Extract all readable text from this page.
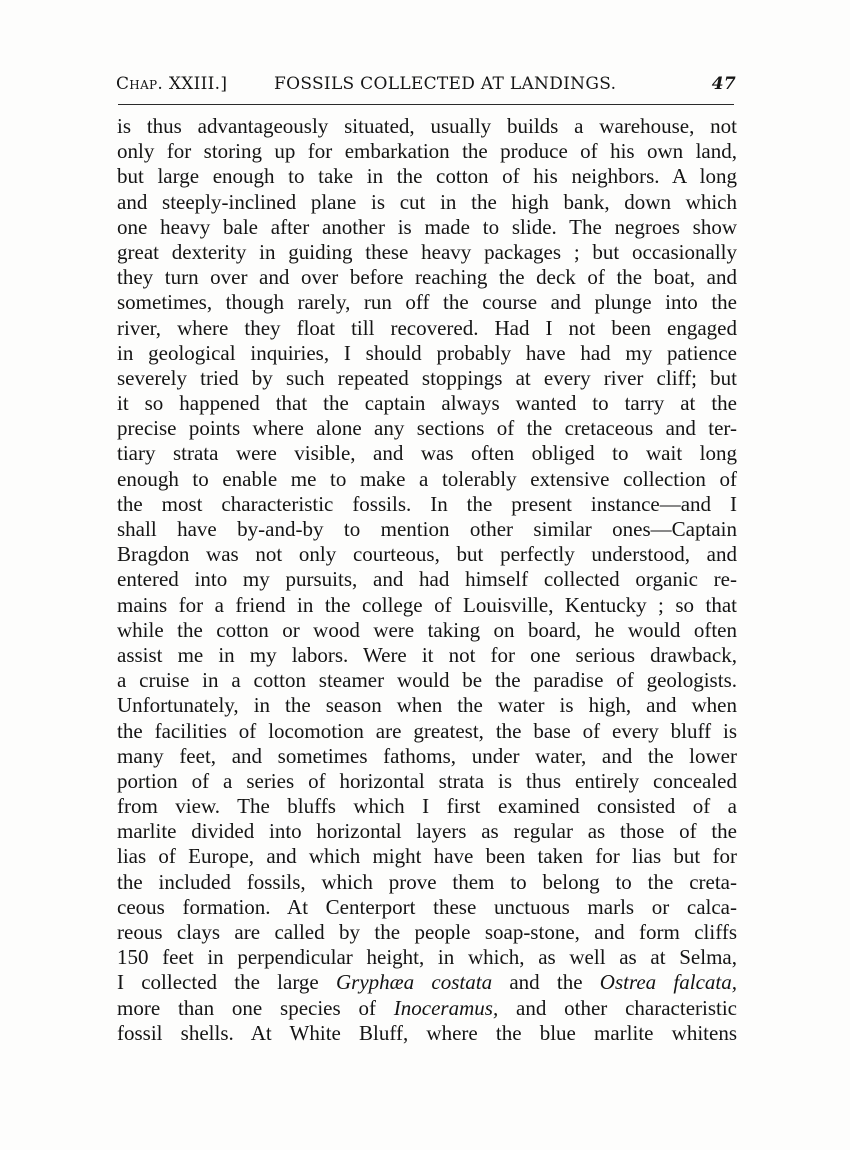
Chap. XXIII.]	FOSSILS COLLECTED AT LANDINGS.	47
is thus advantageously situated, usually builds a warehouse, not
only for storing up for embarkation the produce of his own land,
but large enough to take in the cotton of his neighbors. A long
and steeply-inclined plane is cut in the high bank, down which
one heavy bale after another is made to slide. The negroes show
great dexterity in guiding these heavy packages ; but occasionally
they turn over and over before reaching the deck of the boat, and
sometimes, though rarely, run off the course and plunge into the
river, where they float till recovered. Had I not been engaged
in geological inquiries, I should probably have had my patience
severely tried by such repeated stoppings at every river cliff; but
it so happened that the captain always wanted to tarry at the
precise points where alone any sections of the cretaceous and ter-
tiary strata were visible, and was often obliged to wait long
enough to enable me to make a tolerably extensive collection of
the most characteristic fossils. In the present instance—and I
shall have by-and-by to mention other similar ones—Captain
Bragdon was not only courteous, but perfectly understood, and
entered into my pursuits, and had himself collected organic re-
mains for a friend in the college of Louisville, Kentucky ; so that
while the cotton or wood were taking on board, he would often
assist me in my labors. Were it not for one serious drawback,
a cruise in a cotton steamer would be the paradise of geologists.
Unfortunately, in the season when the water is high, and when
the facilities of locomotion are greatest, the base of every bluff is
many feet, and sometimes fathoms, under water, and the lower
portion of a series of horizontal strata is thus entirely concealed
from view. The bluffs which I first examined consisted of a
marlite divided into horizontal layers as regular as those of the
lias of Europe, and which might have been taken for lias but for
the included fossils, which prove them to belong to the creta-
ceous formation. At Centerport these unctuous marls or calca-
reous clays are called by the people soap-stone, and form cliffs
150 feet in perpendicular height, in which, as well as at Selma,
I collected the large Gryphæa costata and the Ostrea falcata,
more than one species of Inoceramus, and other characteristic
fossil shells. At White Bluff, where the blue marlite whitens
